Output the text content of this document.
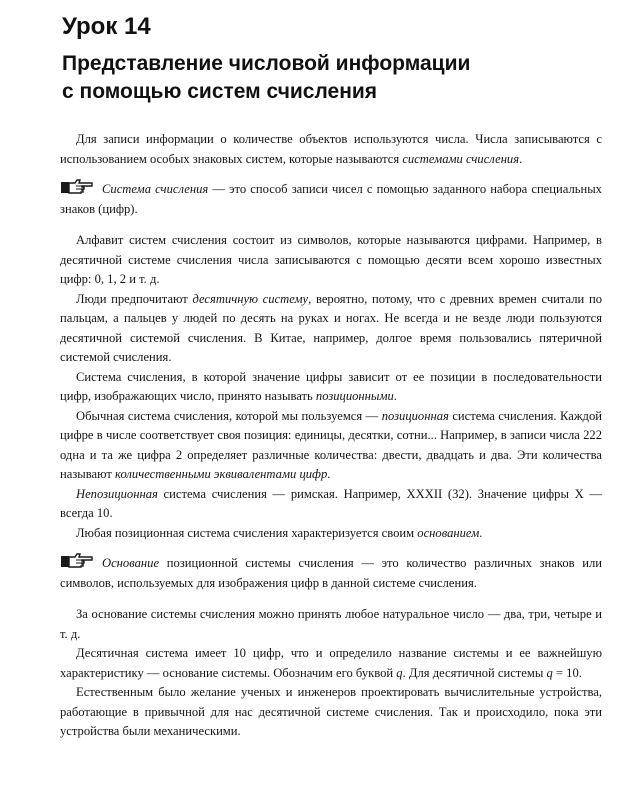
Урок 14
Представление числовой информации
с помощью систем счисления

Для записи информации о количестве объектов используются числа. Числа записываются с использованием особых знаковых систем, которые называются системами счисления.

Система счисления — это способ записи чисел с помощью заданного набора специальных знаков (цифр).

Алфавит систем счисления состоит из символов, которые называются цифрами. Например, в десятичной системе счисления числа записываются с помощью десяти всем хорошо известных цифр: 0, 1, 2 и т. д.

Люди предпочитают десятичную систему, вероятно, потому, что с древних времен считали по пальцам, а пальцев у людей по десять на руках и ногах. Не всегда и не везде люди пользуются десятичной системой счисления. В Китае, например, долгое время пользовались пятеричной системой счисления.

Система счисления, в которой значение цифры зависит от ее позиции в последовательности цифр, изображающих число, принято называть позиционными.

Обычная система счисления, которой мы пользуемся — позиционная система счисления. Каждой цифре в числе соответствует своя позиция: единицы, десятки, сотни... Например, в записи числа 222 одна и та же цифра 2 определяет различные количества: двести, двадцать и два. Эти количества называют количественными эквивалентами цифр.

Непозиционная система счисления — римская. Например, XXXII (32). Значение цифры X — всегда 10.

Любая позиционная система счисления характеризуется своим основанием.

Основание позиционной системы счисления — это количество различных знаков или символов, используемых для изображения цифр в данной системе счисления.

За основание системы счисления можно принять любое натуральное число — два, три, четыре и т. д.

Десятичная система имеет 10 цифр, что и определило название системы и ее важнейшую характеристику — основание системы. Обозначим его буквой q. Для десятичной системы q = 10.

Естественным было желание ученых и инженеров проектировать вычислительные устройства, работающие в привычной для нас десятичной системе счисления. Так и происходило, пока эти устройства были механическими.
